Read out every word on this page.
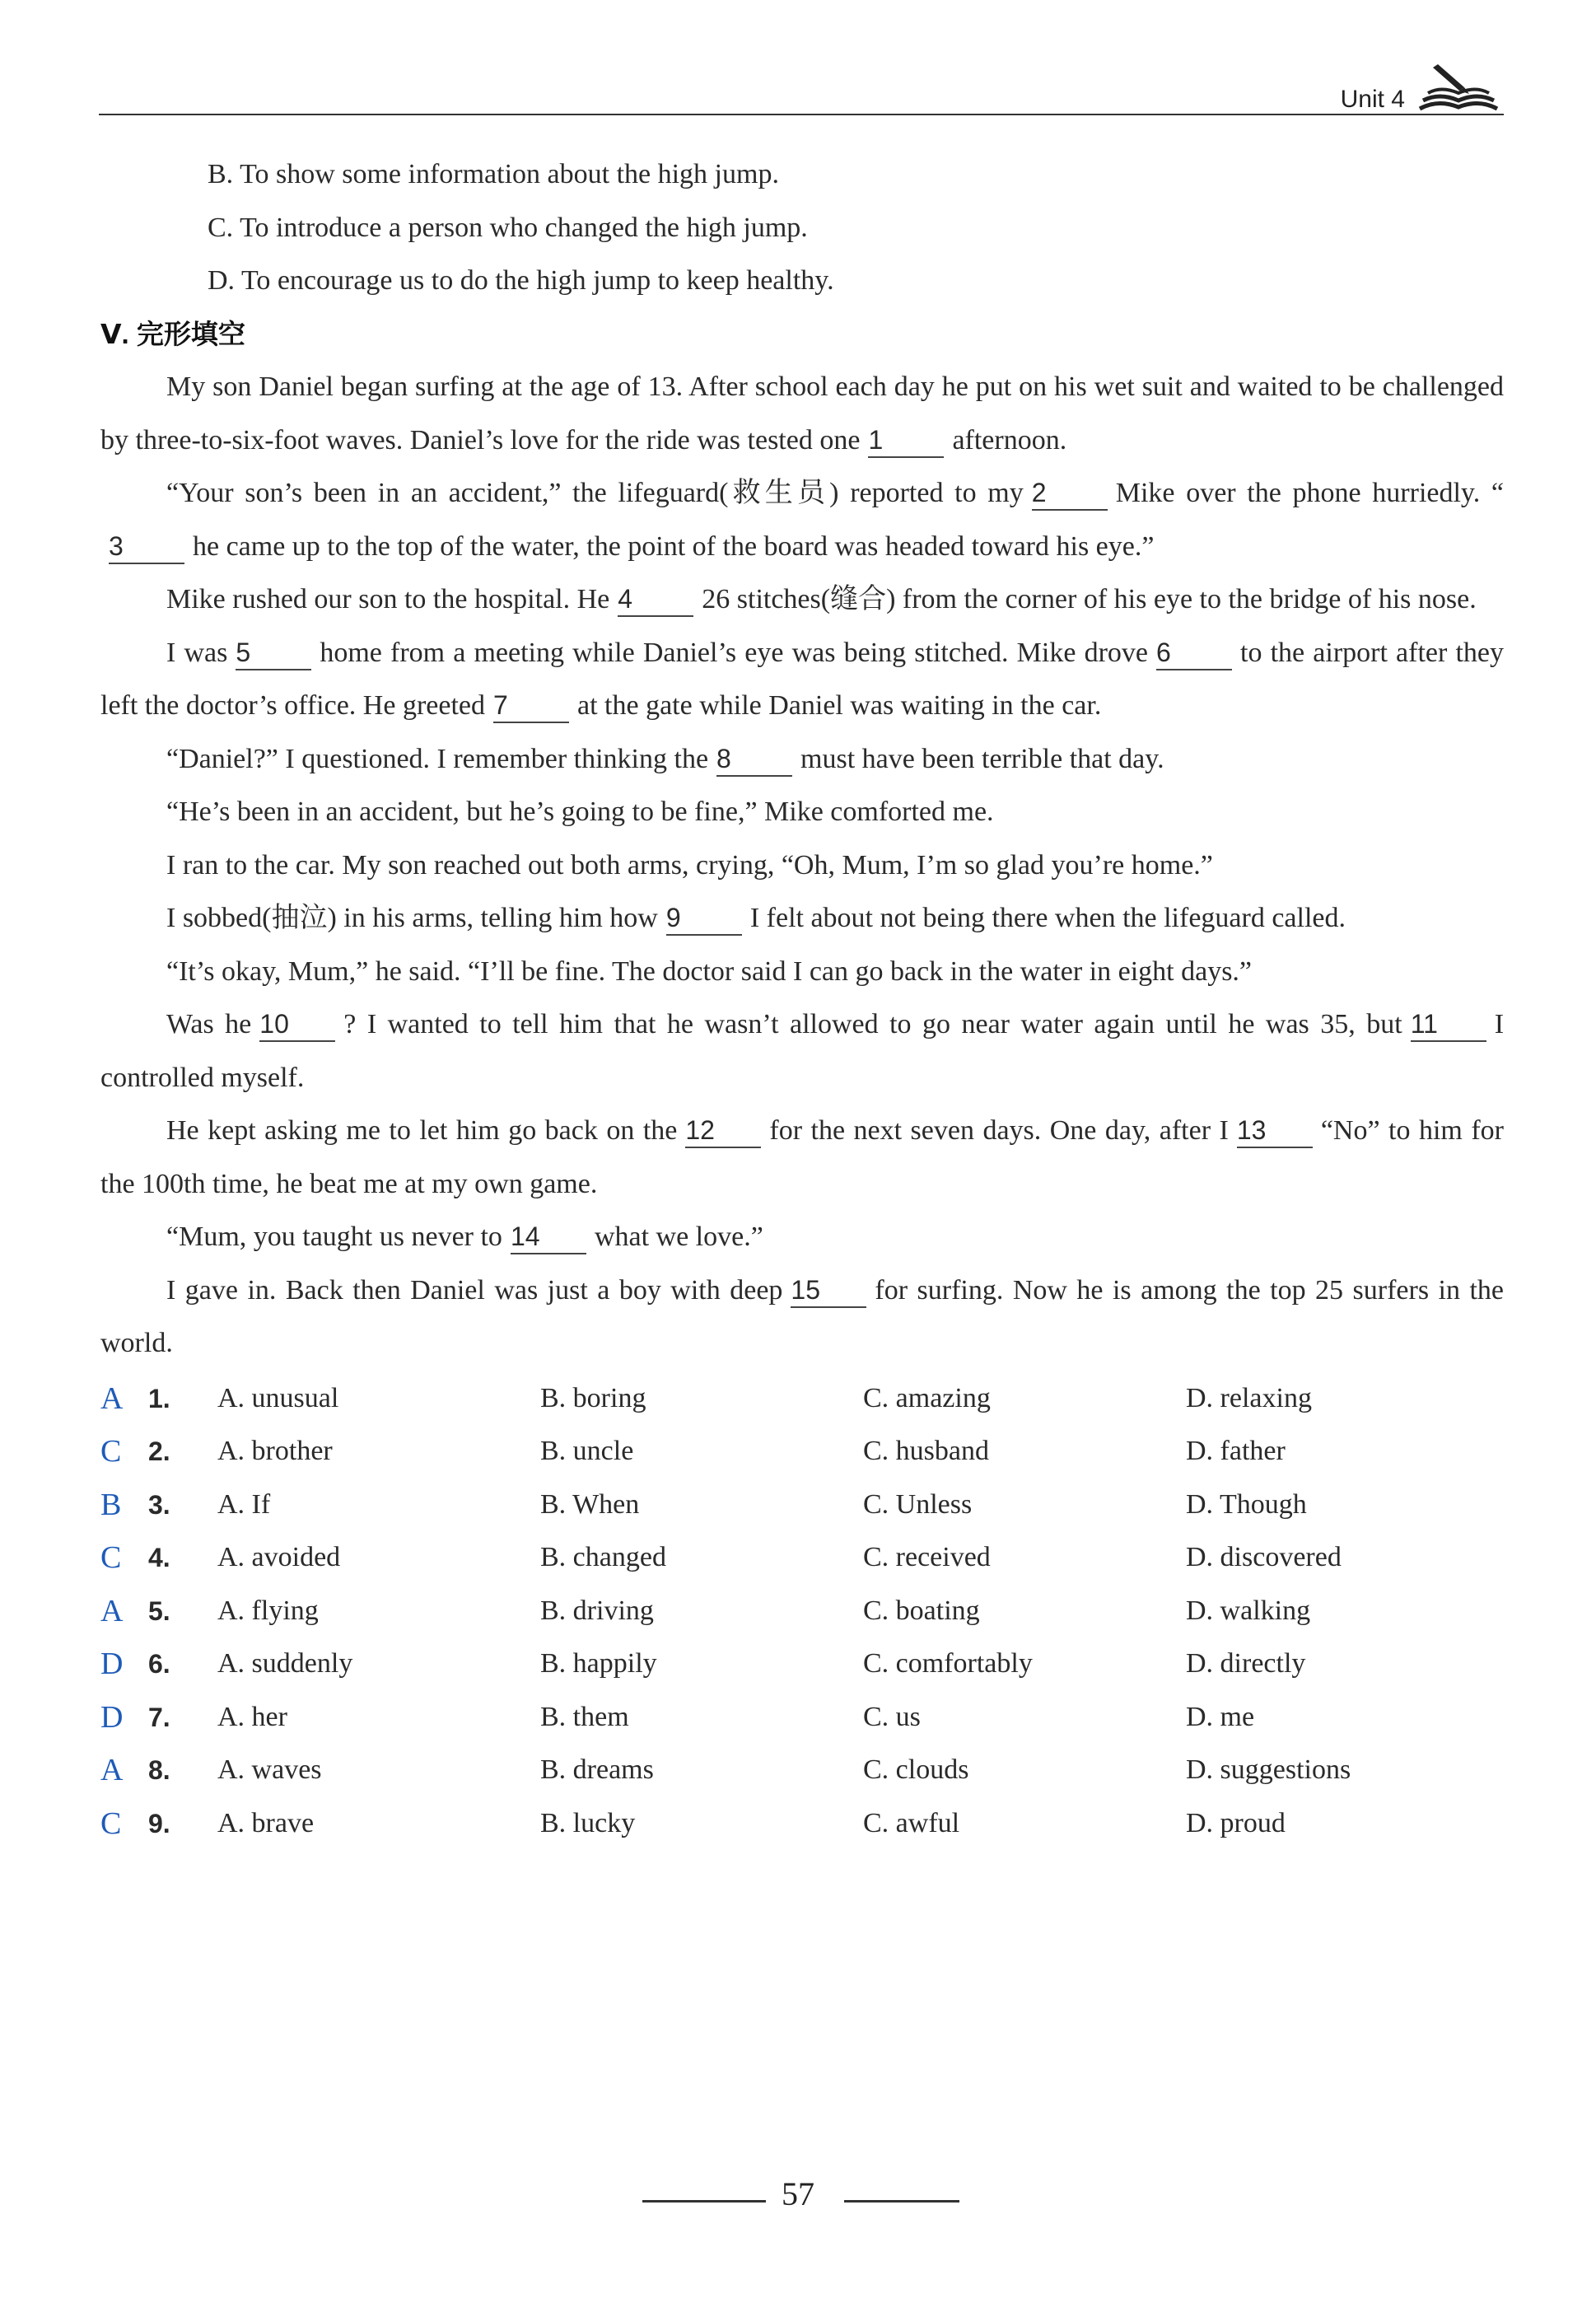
Unit 4
B. To show some information about the high jump.
C. To introduce a person who changed the high jump.
D. To encourage us to do the high jump to keep healthy.
Ⅴ. 完形填空
My son Daniel began surfing at the age of 13. After school each day he put on his wet suit and waited to be challenged by three-to-six-foot waves. Daniel’s love for the ride was tested one 1 afternoon.
“Your son’s been in an accident,” the lifeguard(救生员) reported to my 2 Mike over the phone hurriedly. “3 he came up to the top of the water, the point of the board was headed toward his eye.”
Mike rushed our son to the hospital. He 4 26 stitches(缝合) from the corner of his eye to the bridge of his nose.
I was 5 home from a meeting while Daniel’s eye was being stitched. Mike drove 6 to the airport after they left the doctor’s office. He greeted 7 at the gate while Daniel was waiting in the car.
“Daniel?” I questioned. I remember thinking the 8 must have been terrible that day.
“He’s been in an accident, but he’s going to be fine,” Mike comforted me.
I ran to the car. My son reached out both arms, crying, “Oh, Mum, I’m so glad you’re home.”
I sobbed(抽泣) in his arms, telling him how 9 I felt about not being there when the lifeguard called.
“It’s okay, Mum,” he said. “I’ll be fine. The doctor said I can go back in the water in eight days.”
Was he 10 ? I wanted to tell him that he wasn’t allowed to go near water again until he was 35, but 11 I controlled myself.
He kept asking me to let him go back on the 12 for the next seven days. One day, after I 13 “No” to him for the 100th time, he beat me at my own game.
“Mum, you taught us never to 14 what we love.”
I gave in. Back then Daniel was just a boy with deep 15 for surfing. Now he is among the top 25 surfers in the world.
A 1.	A. unusual	B. boring	C. amazing	D. relaxing
C	2.	A. brother	B. uncle	C. husband	D. father
B	3.	A. If	B. When	C. Unless	D. Though
C	4.	A. avoided	B. changed	C. received	D. discovered
A 5.	A. flying	B. driving	C. boating	D. walking
D 6.	A. suddenly	B. happily	C. comfortably	D. directly
D 7.	A. her	B. them	C. us	D. me
A 8.	A. waves	B. dreams	C. clouds	D. suggestions
C	9.	A. brave	B. lucky	C. awful	D. proud
57
